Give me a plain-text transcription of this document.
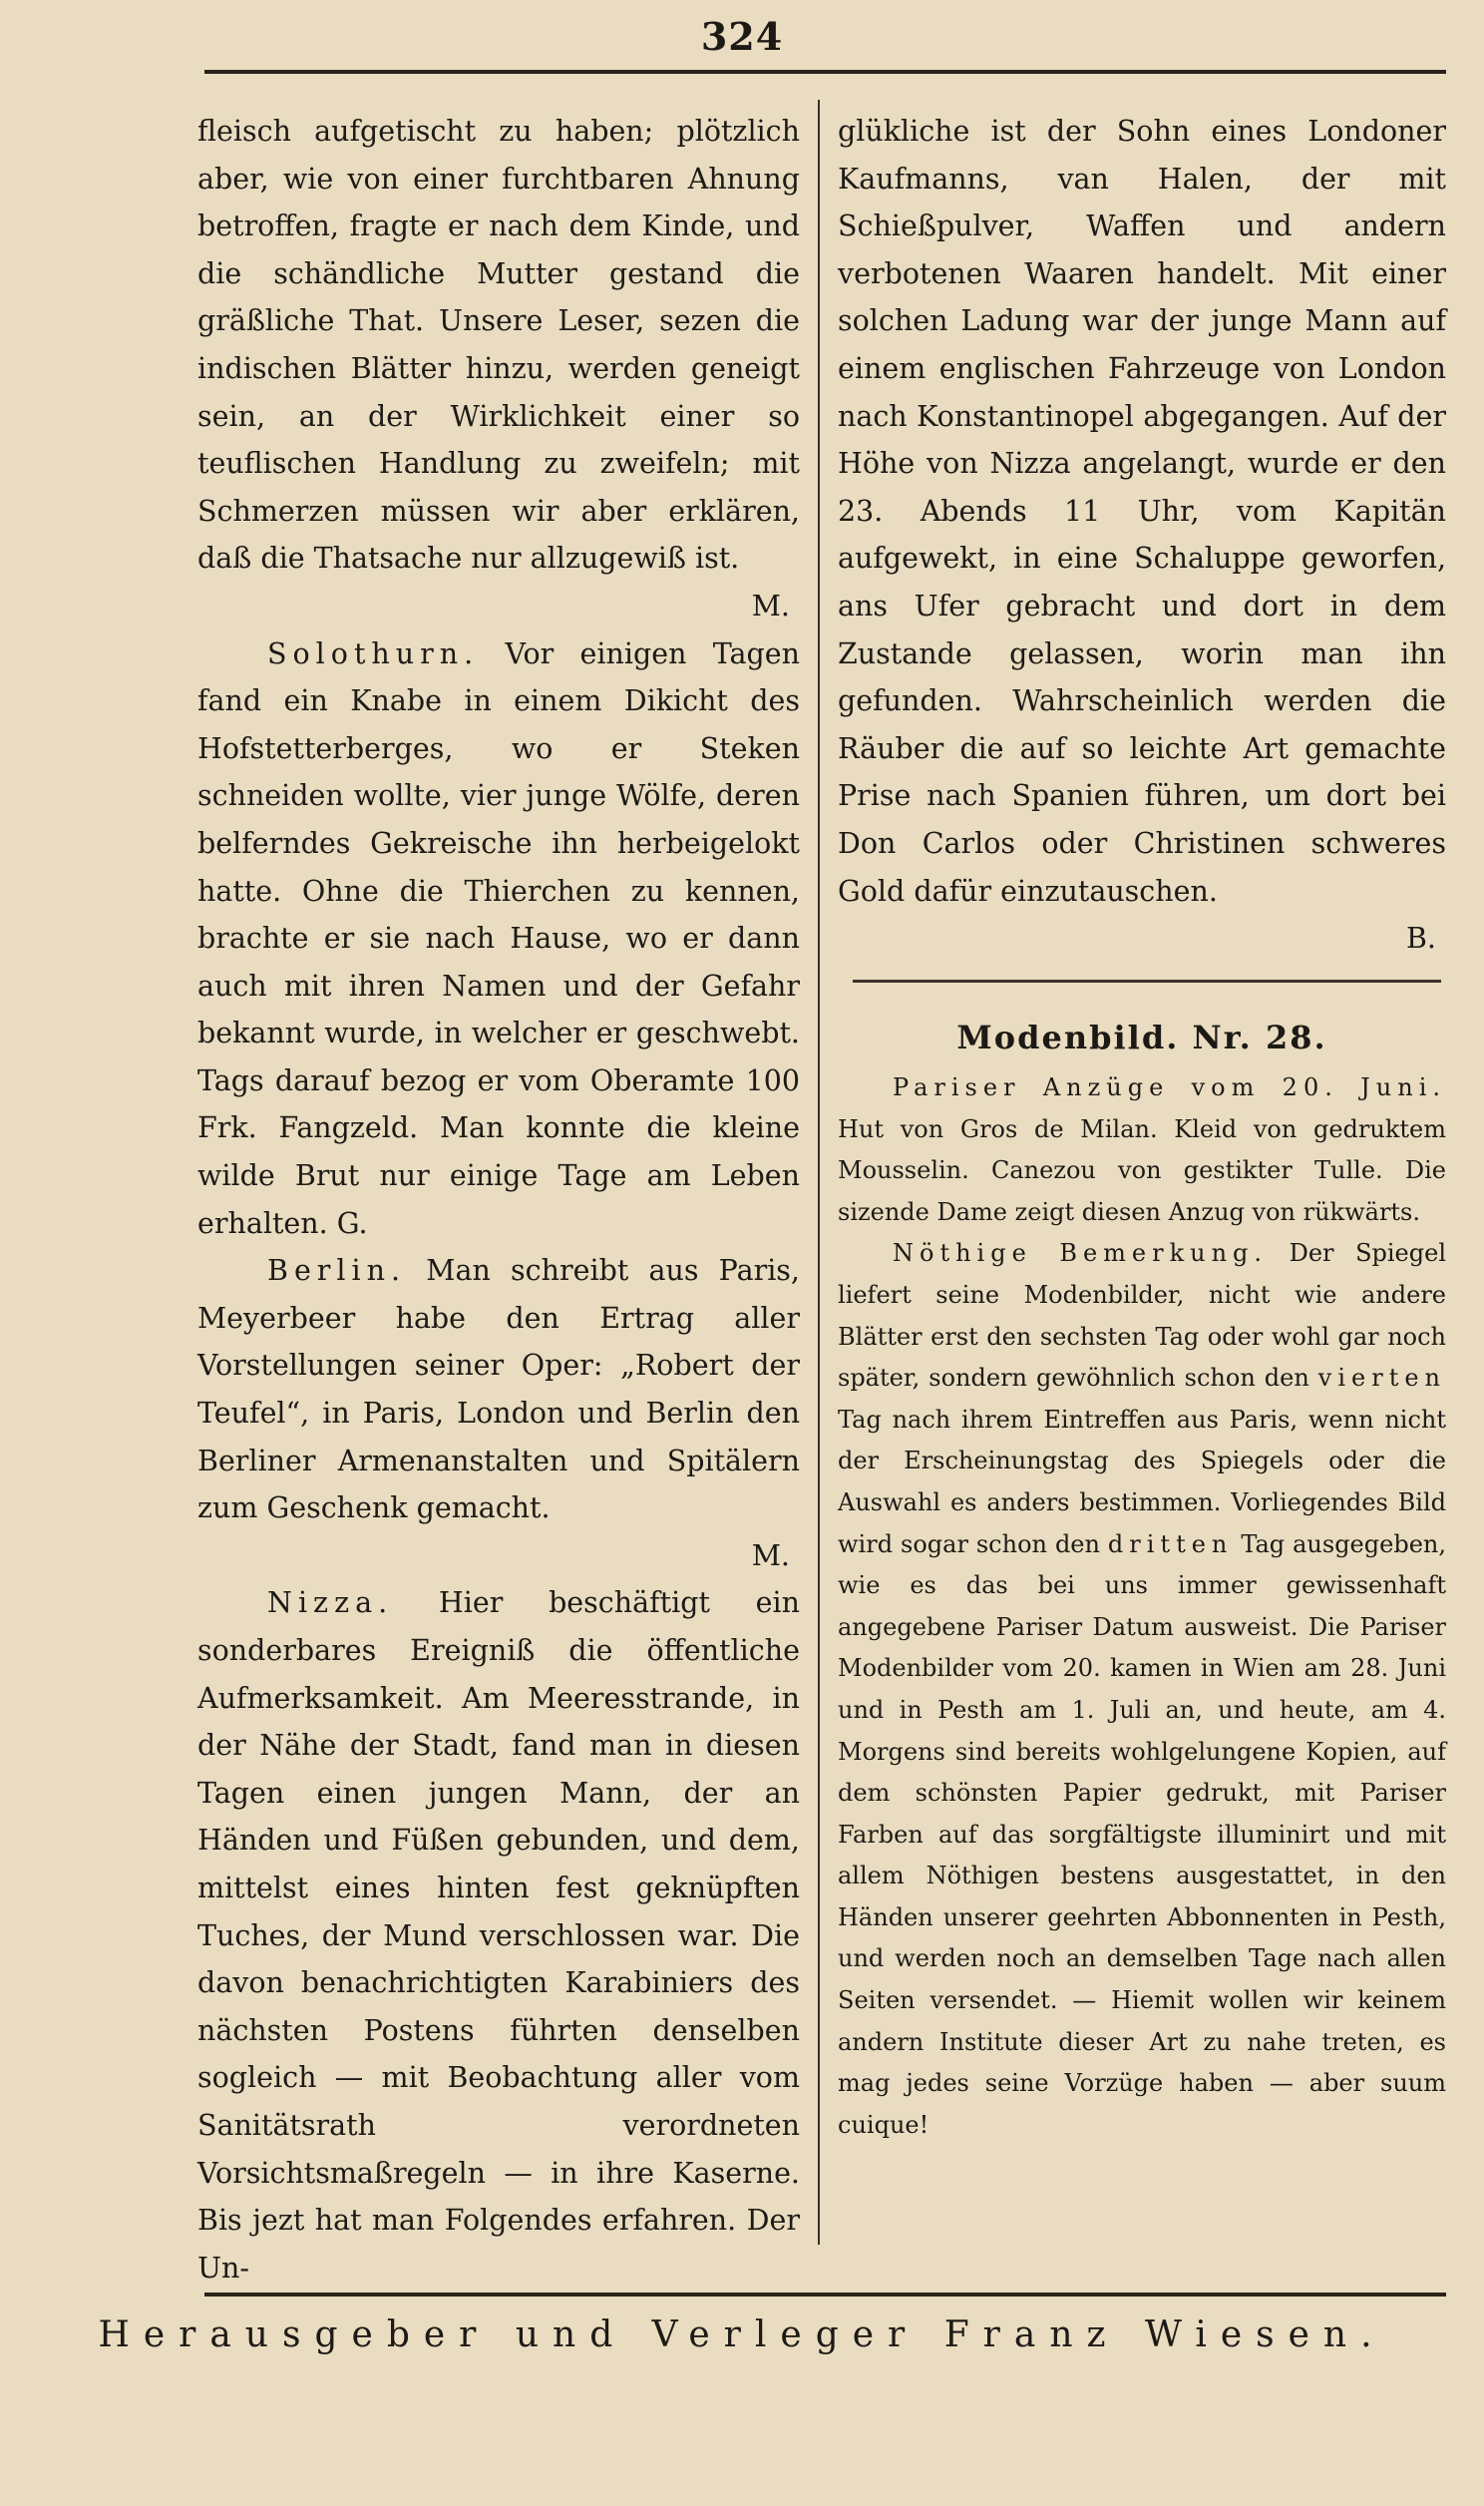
324

fleisch aufgetischt zu haben; plötzlich aber, wie von einer furchtbaren Ahnung betroffen, fragte er nach dem Kinde, und die schändliche Mutter gestand die gräßliche That. Unsere Leser, sezen die indischen Blätter hinzu, werden geneigt sein, an der Wirklichkeit einer so teuflischen Handlung zu zweifeln; mit Schmerzen müssen wir aber erklären, daß die Thatsache nur allzugewiß ist.
M.

Solothurn. Vor einigen Tagen fand ein Knabe in einem Dikicht des Hofstetterberges, wo er Steken schneiden wollte, vier junge Wölfe, deren belferndes Gekreische ihn herbeigelokt hatte. Ohne die Thierchen zu kennen, brachte er sie nach Hause, wo er dann auch mit ihren Namen und der Gefahr bekannt wurde, in welcher er geschwebt. Tags darauf bezog er vom Oberamte 100 Frk. Fangzeld. Man konnte die kleine wilde Brut nur einige Tage am Leben erhalten. G.

Berlin. Man schreibt aus Paris, Meyerbeer habe den Ertrag aller Vorstellungen seiner Oper: „Robert der Teufel“, in Paris, London und Berlin den Berliner Armenanstalten und Spitälern zum Geschenk gemacht.
M.

Nizza. Hier beschäftigt ein sonderbares Ereigniß die öffentliche Aufmerksamkeit. Am Meeresstrande, in der Nähe der Stadt, fand man in diesen Tagen einen jungen Mann, der an Händen und Füßen gebunden, und dem, mittelst eines hinten fest geknüpften Tuches, der Mund verschlossen war. Die davon benachrichtigten Karabiniers des nächsten Postens führten denselben sogleich — mit Beobachtung aller vom Sanitätsrath verordneten Vorsichtsmaßregeln — in ihre Kaserne. Bis jezt hat man Folgendes erfahren. Der Un-

glükliche ist der Sohn eines Londoner Kaufmanns, van Halen, der mit Schießpulver, Waffen und andern verbotenen Waaren handelt. Mit einer solchen Ladung war der junge Mann auf einem englischen Fahrzeuge von London nach Konstantinopel abgegangen. Auf der Höhe von Nizza angelangt, wurde er den 23. Abends 11 Uhr, vom Kapitän aufgewekt, in eine Schaluppe geworfen, ans Ufer gebracht und dort in dem Zustande gelassen, worin man ihn gefunden. Wahrscheinlich werden die Räuber die auf so leichte Art gemachte Prise nach Spanien führen, um dort bei Don Carlos oder Christinen schweres Gold dafür einzutauschen.
B.

Modenbild. Nr. 28.

Pariser Anzüge vom 20. Juni. Hut von Gros de Milan. Kleid von gedruktem Mousselin. Canezou von gestikter Tulle. Die sizende Dame zeigt diesen Anzug von rükwärts.

Nöthige Bemerkung. Der Spiegel liefert seine Modenbilder, nicht wie andere Blätter erst den sechsten Tag oder wohl gar noch später, sondern gewöhnlich schon den vierten Tag nach ihrem Eintreffen aus Paris, wenn nicht der Erscheinungstag des Spiegels oder die Auswahl es anders bestimmen. Vorliegendes Bild wird sogar schon den dritten Tag ausgegeben, wie es das bei uns immer gewissenhaft angegebene Pariser Datum ausweist. Die Pariser Modenbilder vom 20. kamen in Wien am 28. Juni und in Pesth am 1. Juli an, und heute, am 4. Morgens sind bereits wohlgelungene Kopien, auf dem schönsten Papier gedrukt, mit Pariser Farben auf das sorgfältigste illuminirt und mit allem Nöthigen bestens ausgestattet, in den Händen unserer geehrten Abbonnenten in Pesth, und werden noch an demselben Tage nach allen Seiten versendet. — Hiemit wollen wir keinem andern Institute dieser Art zu nahe treten, es mag jedes seine Vorzüge haben — aber suum cuique!

Herausgeber und Verleger Franz Wiesen.
